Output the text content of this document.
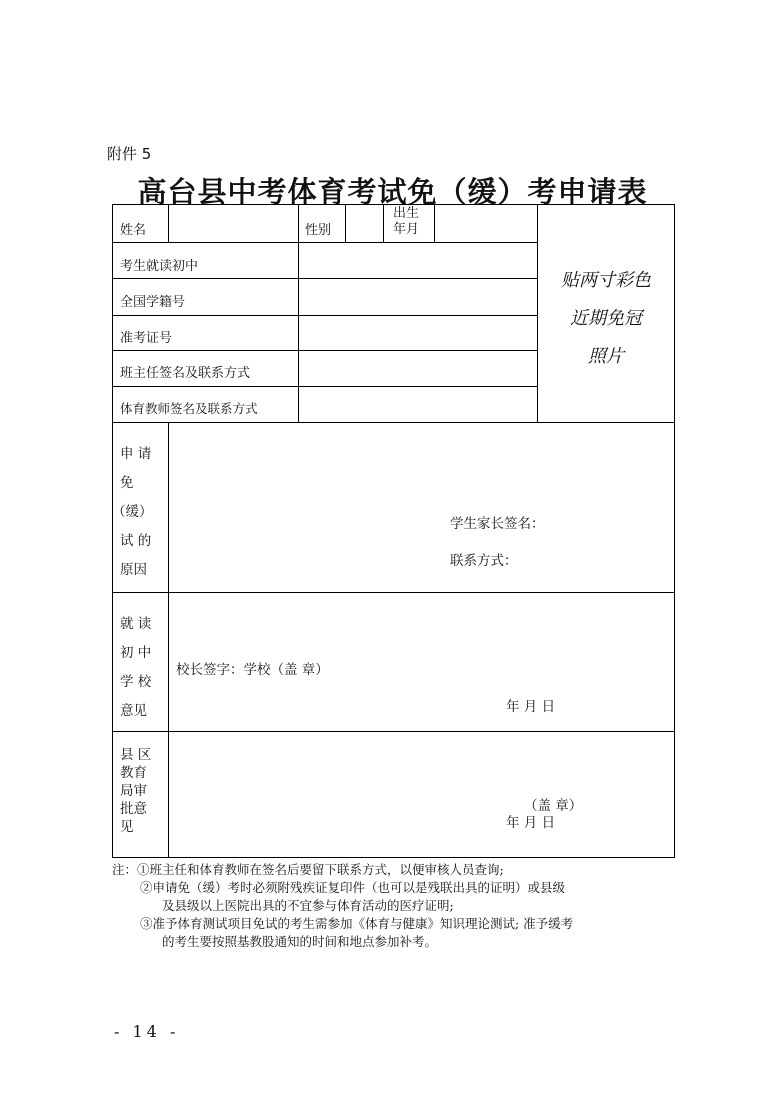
附件 5
高台县中考体育考试免（缓）考申请表
姓名	性别
出生
年月
考生就读初中
全国学籍号
准考证号
班主任签名及联系方式
体育教师签名及联系方式
贴两寸彩色
近期免冠
照片
申 请
免
（缓）
试 的
原因
学生家长签名：
联系方式：
就 读
初 中
学 校
意见
校长签字：学校（盖 章）
年 月 日
县 区
教育
局审
批意
见
（盖 章）
年 月 日
注：①班主任和体育教师在签名后要留下联系方式，以便审核人员查询;
②申请免（缓）考时必须附残疾证复印件（也可以是残联出具的证明）或县级
及县级以上医院出具的不宜参与体育活动的医疗证明;
③准予体育测试项目免试的考生需参加《体育与健康》知识理论测试; 准予缓考
的考生要按照基教股通知的时间和地点参加补考。
- 14 -
